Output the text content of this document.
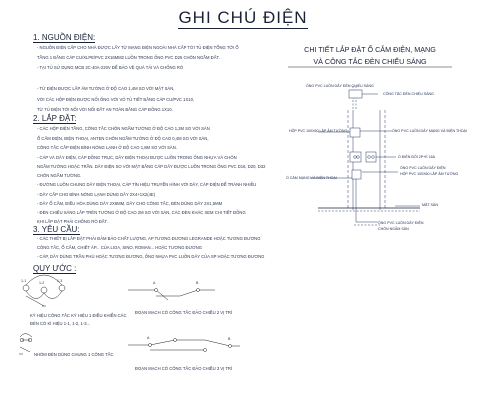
GHI CHÚ ĐIỆN
1. NGUỒN ĐIỆN:
- NGUỒN ĐIỆN CẤP CHO NHÀ ĐƯỢC LẤY TỪ MẠNG ĐIỆN NGOÀI NHÀ CẤP TỚI TỦ ĐIỆN TỔNG TỚI Ổ
TẦNG 1 BẰNG CÁP CU/XLPE/PVC 2X16MM2 LUỒN TRONG ỐNG PVC D25 CHÔN NGẦM ĐẤT.
- TẠI TỦ SỬ DỤNG MCB 2C-40A-220V ĐỂ BẢO VỆ QUÁ TẢI VÀ CHỐNG RÒ
- TỪ ĐIỆN ĐƯỢC LẮP ÂM TƯỜNG Ở ĐỘ CAO 1,4M SO VỚI MẶT SÀN,
VỚI CÁC HỘP ĐIỆN ĐƯỢC NỐI ỐNG VỚI VỎ TỦ TIẾT BẰNG CÁP CU/PVC 1X10,
TỪ TỦ ĐIỆN TỚI NỐI VỚI NỐI ĐẤT AN TOÀN BẰNG CÁP ĐỒNG 1X10.
2. LẮP ĐẶT:
- CÁC HỘP ĐIỆN TẦNG, CÔNG TẮC CHÔN NGẦM TƯỜNG Ở ĐỘ CAO 1,2M SO VỚI SÀN
Ổ CẮM ĐIỆN, ĐIỆN THOẠI, ANTEN CHÔN NGẦM TƯỜNG Ở ĐỘ CAO 0,4M SO VỚI SÀN,
CÔNG TẮC CẮP ĐIỆN BÌNH NÓNG LẠNH Ở ĐỘ CAO 1,8M SO VỚI SÀN.
- CÁP VÀ DÂY ĐIỆN, CÁP ĐỒNG TRỤC, DÂY ĐIỆN THOẠI ĐƯỢC LUỒN TRONG ỐNG NHỰA VÀ CHÔN
NGẦM TƯỜNG HOẶC TRẦN. DÂY ĐIỆN SO VỚI MẶT BẰNG CÁP DÂY ĐƯỢC LUỒN TRONG ỐNG PVC D16, D20, D32
CHÔN NGẦM TƯỜNG.
- ĐƯỜNG LUỒN CHUNG DÂY ĐIỆN THOẠI, CÁP TÍN HIỆU TRUYỀN HÌNH VỚI DÂY, CÁP ĐIỆN ĐỂ TRÁNH NHIỄU
- DÂY CẤP CHO BÌNH NÓNG LẠNH DÙNG DÂY 2X4+1X2(4E)
- DÂY Ổ CẮM, ĐIỀU HÒA DÙNG DÂY 2X6MM, DÂY CHO CÔNG TẮC, ĐÈN DÙNG DÂY 2X1,5MM
- ĐÈN CHIẾU SÁNG LẮP TRÊN TƯỜNG Ở ĐỘ CAO 2M SO VỚI SÀN, CÁC ĐÈN KHÁC XEM CHI TIẾT ĐỒNG
KHI LẮP ĐẶT PHẢI CHỐNG RÒ ĐẤT.
3. YÊU CẦU:
- CÁC THIẾT BỊ LẮP ĐẶT PHẢI ĐẢM BẢO CHẤT LƯỢNG, AP TƯƠNG ĐƯƠNG LEGRANDE HOẶC TƯƠNG ĐƯƠNG
CÔNG TẮC, Ổ CẮM, CHIẾT ÁP... CỦA LIOA, SINO, ROMAN... HOẶC TƯƠNG ĐƯƠNG
- CÁP, DÂY DÙNG TRẦN PHÚ HOẶC TƯƠNG ĐƯƠNG, ỐNG NHỰA PVC LUỒN DÂY CỦA SP HOẶC TƯƠNG ĐƯƠNG
QUY ƯỚC :
CHI TIẾT LẮP ĐẶT Ổ CẮM ĐIỆN, MẠNG
VÀ CÔNG TẮC ĐÈN CHIẾU SÁNG
ỐNG PVC LUỒN DÂY ĐÈN CHIẾU SÁNG
CÔNG TẮC ĐÈN CHIẾU SÁNG
HỘP PVC 100X60 LẮP ÂM TƯỜNG	ỐNG PVC LUỒN DÂY MẠNG VÀ ĐIỆN THOẠI
Ổ ĐIỆN ĐÔI 2P+E 16A
Ổ CẮM MẠNG VÀ ĐIỆN THOẠI
ỐNG PVC LUỒN DÂY ĐIỆN
HỘP PVC 100X60 LẮP ÂM TƯỜNG
MẶT SÀN
ỐNG PVC LUỒN DÂY ĐIỆN
CHÔN NGẦM SÀN
1-1	1-2	1-3
KÝ HIỆU CÔNG TẮC KÝ HIỆU 1 ĐIỀU KHIỂN CÁC
ĐÈN CÓ KÍ HIỆU 1-1, 1-2, 1-3...
NHÓM ĐÈN DÙNG CHUNG 1 CÔNG TẮC
A	B
ĐOẠN MẠCH CÓ CÔNG TẮC ĐẢO CHIỀU 2 VỊ TRÍ
A	B
ĐOẠN MẠCH CÓ CÔNG TẮC ĐẢO CHIỀU 3 VỊ TRÍ
